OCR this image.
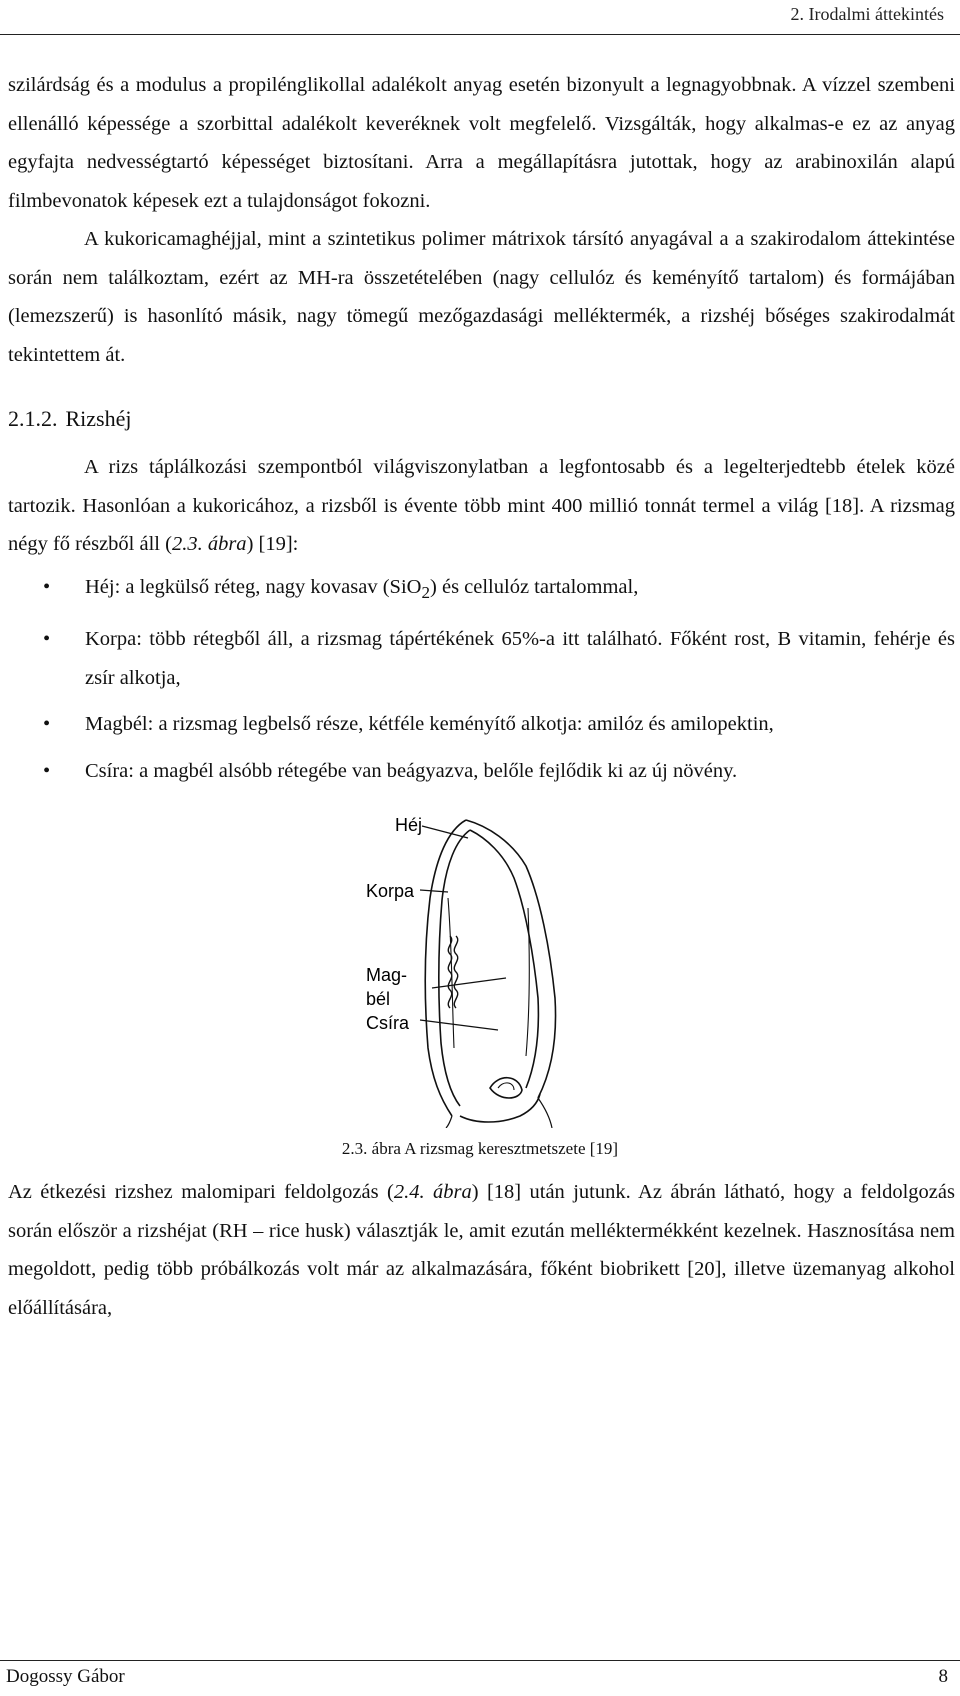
2. Irodalmi áttekintés

szilárdság és a modulus a propilénglikollal adalékolt anyag esetén bizonyult a legnagyobbnak. A vízzel szembeni ellenálló képessége a szorbittal adalékolt keveréknek volt megfelelő. Vizsgálták, hogy alkalmas-e ez az anyag egyfajta nedvességtartó képességet biztosítani. Arra a megállapításra jutottak, hogy az arabinoxilán alapú filmbevonatok képesek ezt a tulajdonságot fokozni.

A kukoricamaghéjjal, mint a szintetikus polimer mátrixok társító anyagával a a szakirodalom áttekintése során nem találkoztam, ezért az MH-ra összetételében (nagy cellulóz és keményítő tartalom) és formájában (lemezszerű) is hasonlító másik, nagy tömegű mezőgazdasági melléktermék, a rizshéj bőséges szakirodalmát tekintettem át.

2.1.2. Rizshéj

A rizs táplálkozási szempontból világviszonylatban a legfontosabb és a legelterjedtebb ételek közé tartozik. Hasonlóan a kukoricához, a rizsből is évente több mint 400 millió tonnát termel a világ [18]. A rizsmag négy fő részből áll (2.3. ábra) [19]:

• Héj: a legkülső réteg, nagy kovasav (SiO$_2$) és cellulóz tartalommal,
• Korpa: több rétegből áll, a rizsmag tápértékének 65%-a itt található. Főként rost, B vitamin, fehérje és zsír alkotja,
• Magbél: a rizsmag legbelső része, kétféle keményítő alkotja: amilóz és amilopektin,
• Csíra: a magbél alsóbb rétegébe van beágyazva, belőle fejlődik ki az új növény.
Héj
Korpa
Mag-
bél
Csíra
2.3. ábra A rizsmag keresztmetszete [19]

Az étkezési rizshez malomipari feldolgozás (2.4. ábra) [18] után jutunk. Az ábrán látható, hogy a feldolgozás során először a rizshéjat (RH – rice husk) választják le, amit ezután melléktermékként kezelnek. Hasznosítása nem megoldott, pedig több próbálkozás volt már az alkalmazására, főként biobrikett [20], illetve üzemanyag alkohol előállítására,

Dogossy Gábor	8
